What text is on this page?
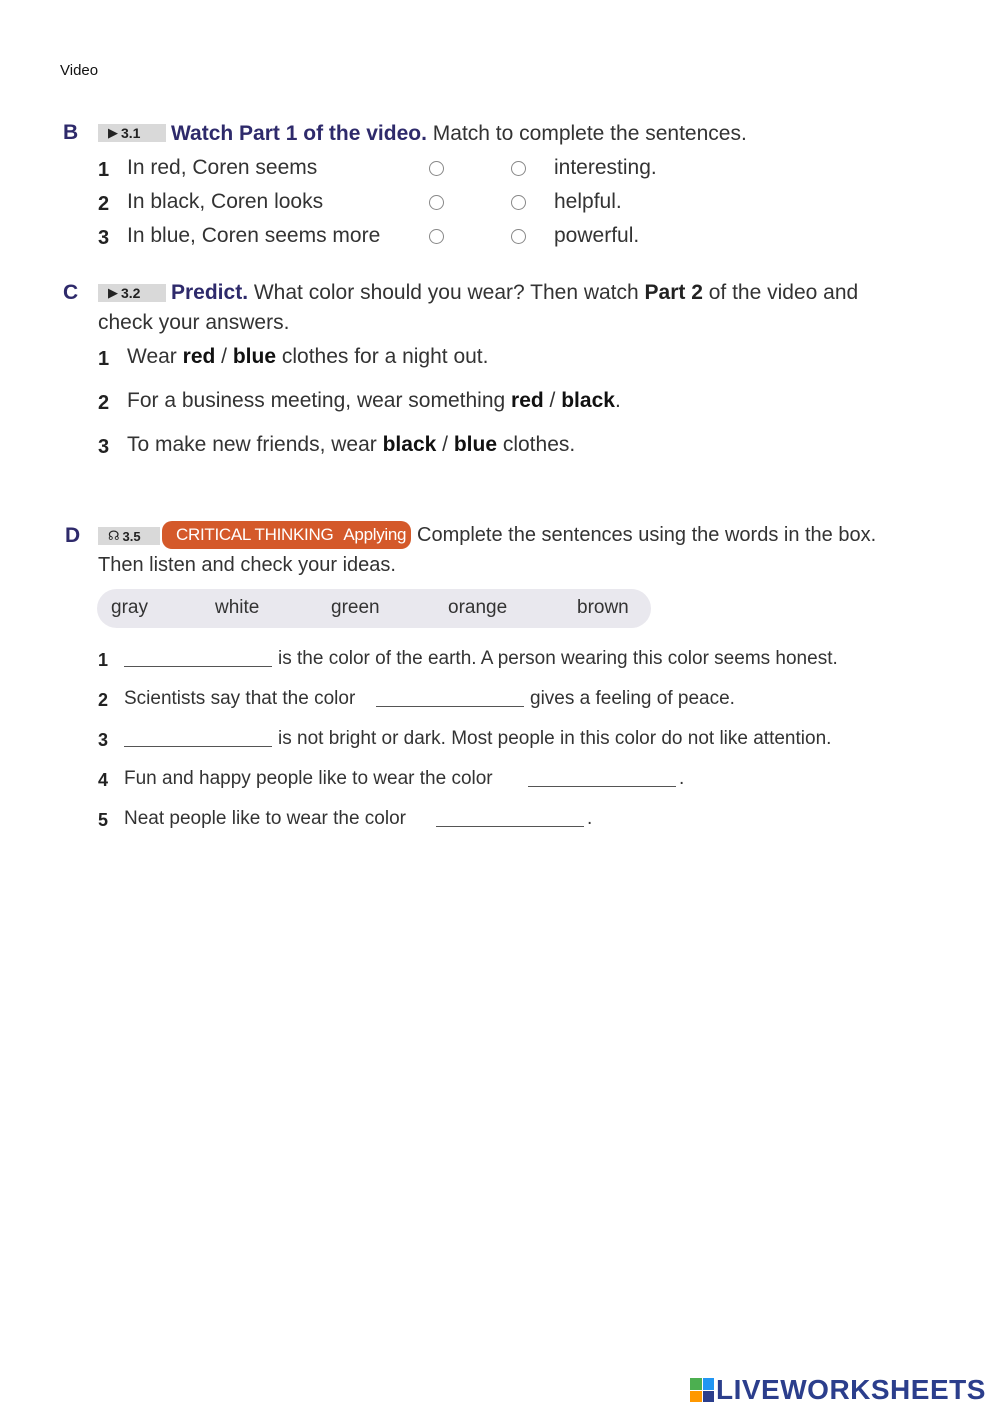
Video
B ▶ 3.1 Watch Part 1 of the video. Match to complete the sentences.
1 In red, Coren seems	interesting.
2 In black, Coren looks	helpful.
3 In blue, Coren seems more	powerful.
C ▶ 3.2 Predict. What color should you wear? Then watch Part 2 of the video and
check your answers.
1 Wear red / blue clothes for a night out.
2 For a business meeting, wear something red / black.
3 To make new friends, wear black / blue clothes.
D ☊ 3.5 CRITICAL THINKING Applying Complete the sentences using the words in the box.
Then listen and check your ideas.
gray	white	green	orange	brown
1	is the color of the earth. A person wearing this color seems honest.
2 Scientists say that the color	gives a feeling of peace.
3	is not bright or dark. Most people in this color do not like attention.
4 Fun and happy people like to wear the color	.
5 Neat people like to wear the color	.
LIVEWORKSHEETS
